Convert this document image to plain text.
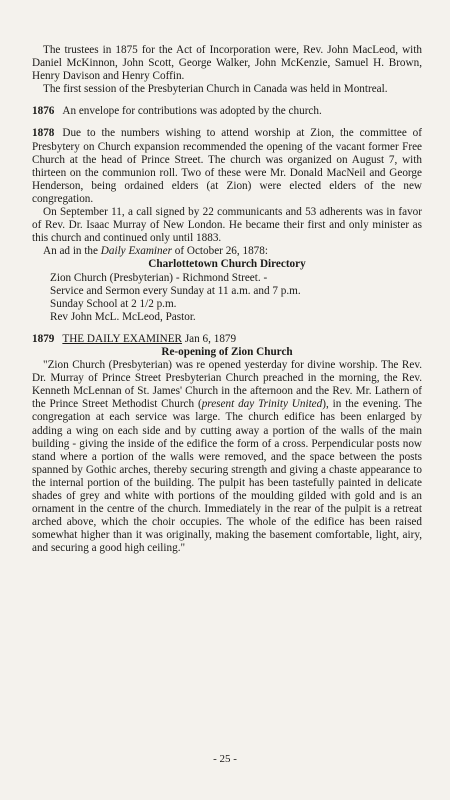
The trustees in 1875 for the Act of Incorporation were, Rev. John MacLeod, with Daniel McKinnon, John Scott, George Walker, John McKenzie, Samuel H. Brown, Henry Davison and Henry Coffin.

The first session of the Presbyterian Church in Canada was held in Montreal.

1876 An envelope for contributions was adopted by the church.

1878 Due to the numbers wishing to attend worship at Zion, the committee of Presbytery on Church expansion recommended the opening of the vacant former Free Church at the head of Prince Street. The church was organized on August 7, with thirteen on the communion roll. Two of these were Mr. Donald MacNeil and George Henderson, being ordained elders (at Zion) were elected elders of the new congregation.

On September 11, a call signed by 22 communicants and 53 adherents was in favor of Rev. Dr. Isaac Murray of New London. He became their first and only minister as this church and continued only until 1883.

An ad in the Daily Examiner of October 26, 1878:

Charlottetown Church Directory

Zion Church (Presbyterian) - Richmond Street. -

Service and Sermon every Sunday at 11 a.m. and 7 p.m.

Sunday School at 2 1/2 p.m.

Rev John McL. McLeod, Pastor.

1879 THE DAILY EXAMINER Jan 6, 1879

Re-opening of Zion Church

"Zion Church (Presbyterian) was re opened yesterday for divine worship. The Rev. Dr. Murray of Prince Street Presbyterian Church preached in the morning, the Rev. Kenneth McLennan of St. James' Church in the afternoon and the Rev. Mr. Lathern of the Prince Street Methodist Church (present day Trinity United), in the evening. The congregation at each service was large. The church edifice has been enlarged by adding a wing on each side and by cutting away a portion of the walls of the main building - giving the inside of the edifice the form of a cross. Perpendicular posts now stand where a portion of the walls were removed, and the space between the posts spanned by Gothic arches, thereby securing strength and giving a chaste appearance to the internal portion of the building. The pulpit has been tastefully painted in delicate shades of grey and white with portions of the moulding gilded with gold and is an ornament in the centre of the church. Immediately in the rear of the pulpit is a retreat arched above, which the choir occupies. The whole of the edifice has been raised somewhat higher than it was originally, making the basement comfortable, light, airy, and securing a good high ceiling."

- 25 -
